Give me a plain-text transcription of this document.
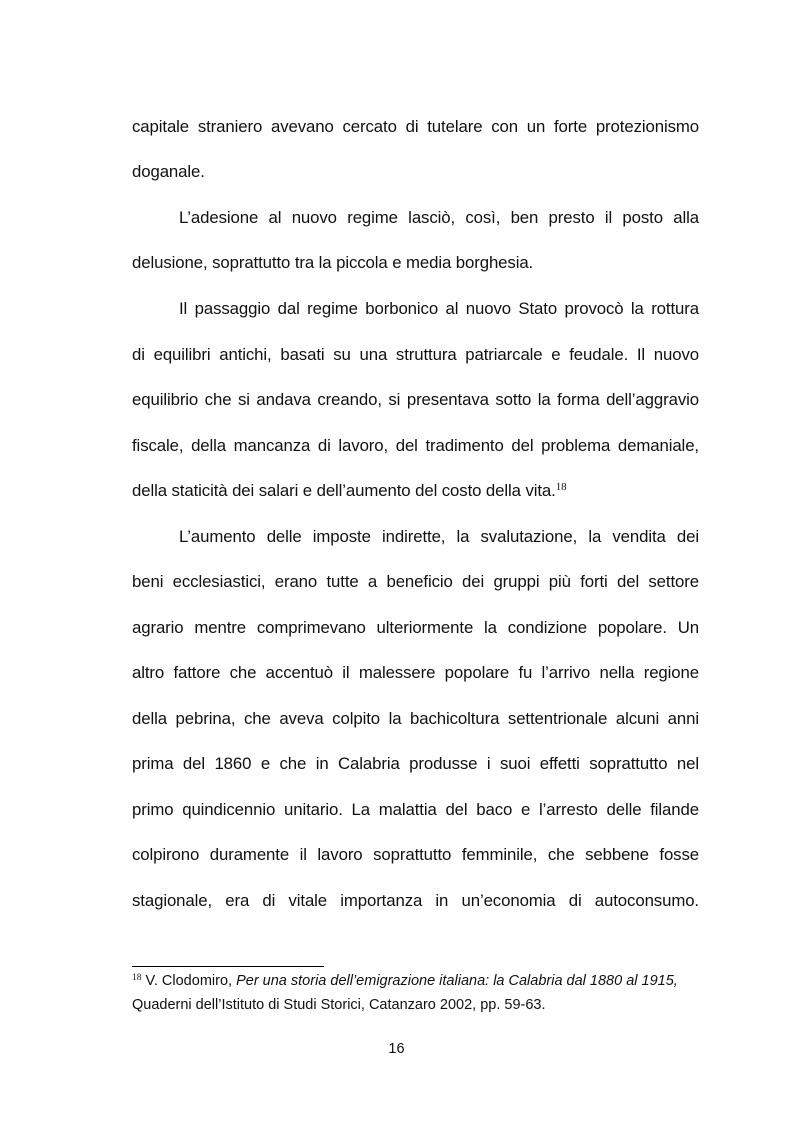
capitale straniero avevano cercato di tutelare con un forte protezionismo
doganale.
L’adesione al nuovo regime lasciò, così, ben presto il posto alla
delusione, soprattutto tra la piccola e media borghesia.
Il passaggio dal regime borbonico al nuovo Stato provocò la rottura
di equilibri antichi, basati su una struttura patriarcale e feudale. Il nuovo
equilibrio che si andava creando, si presentava sotto la forma dell’aggravio
fiscale, della mancanza di lavoro, del tradimento del problema demaniale,
della staticità dei salari e dell’aumento del costo della vita.$^{18}$
L’aumento delle imposte indirette, la svalutazione, la vendita dei
beni ecclesiastici, erano tutte a beneficio dei gruppi più forti del settore
agrario mentre comprimevano ulteriormente la condizione popolare. Un
altro fattore che accentuò il malessere popolare fu l’arrivo nella regione
della pebrina, che aveva colpito la bachicoltura settentrionale alcuni anni
prima del 1860 e che in Calabria produsse i suoi effetti soprattutto nel
primo quindicennio unitario. La malattia del baco e l’arresto delle filande
colpirono duramente il lavoro soprattutto femminile, che sebbene fosse
stagionale, era di vitale importanza in un’economia di autoconsumo.
$^{18}$ V. Clodomiro, Per una storia dell’emigrazione italiana: la Calabria dal 1880 al 1915,
Quaderni dell’Istituto di Studi Storici, Catanzaro 2002, pp. 59-63.
16
